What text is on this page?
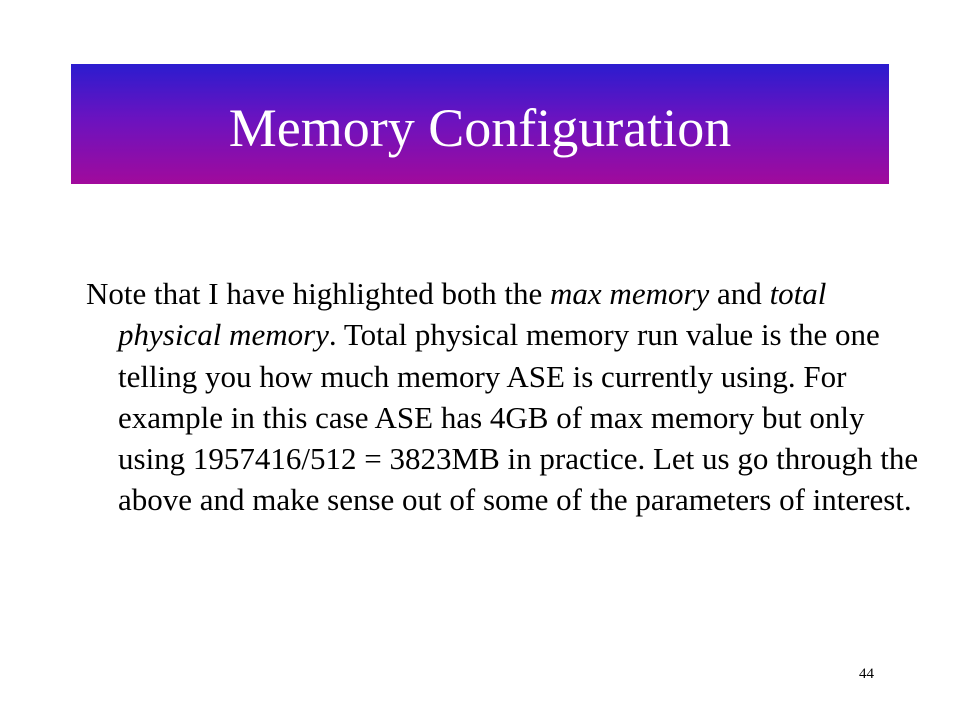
Memory Configuration

Note that I have highlighted both the max memory and total physical memory. Total physical memory run value is the one telling you how much memory ASE is currently using. For example in this case ASE has 4GB of max memory but only using 1957416/512 = 3823MB in practice. Let us go through the above and make sense out of some of the parameters of interest.

44
